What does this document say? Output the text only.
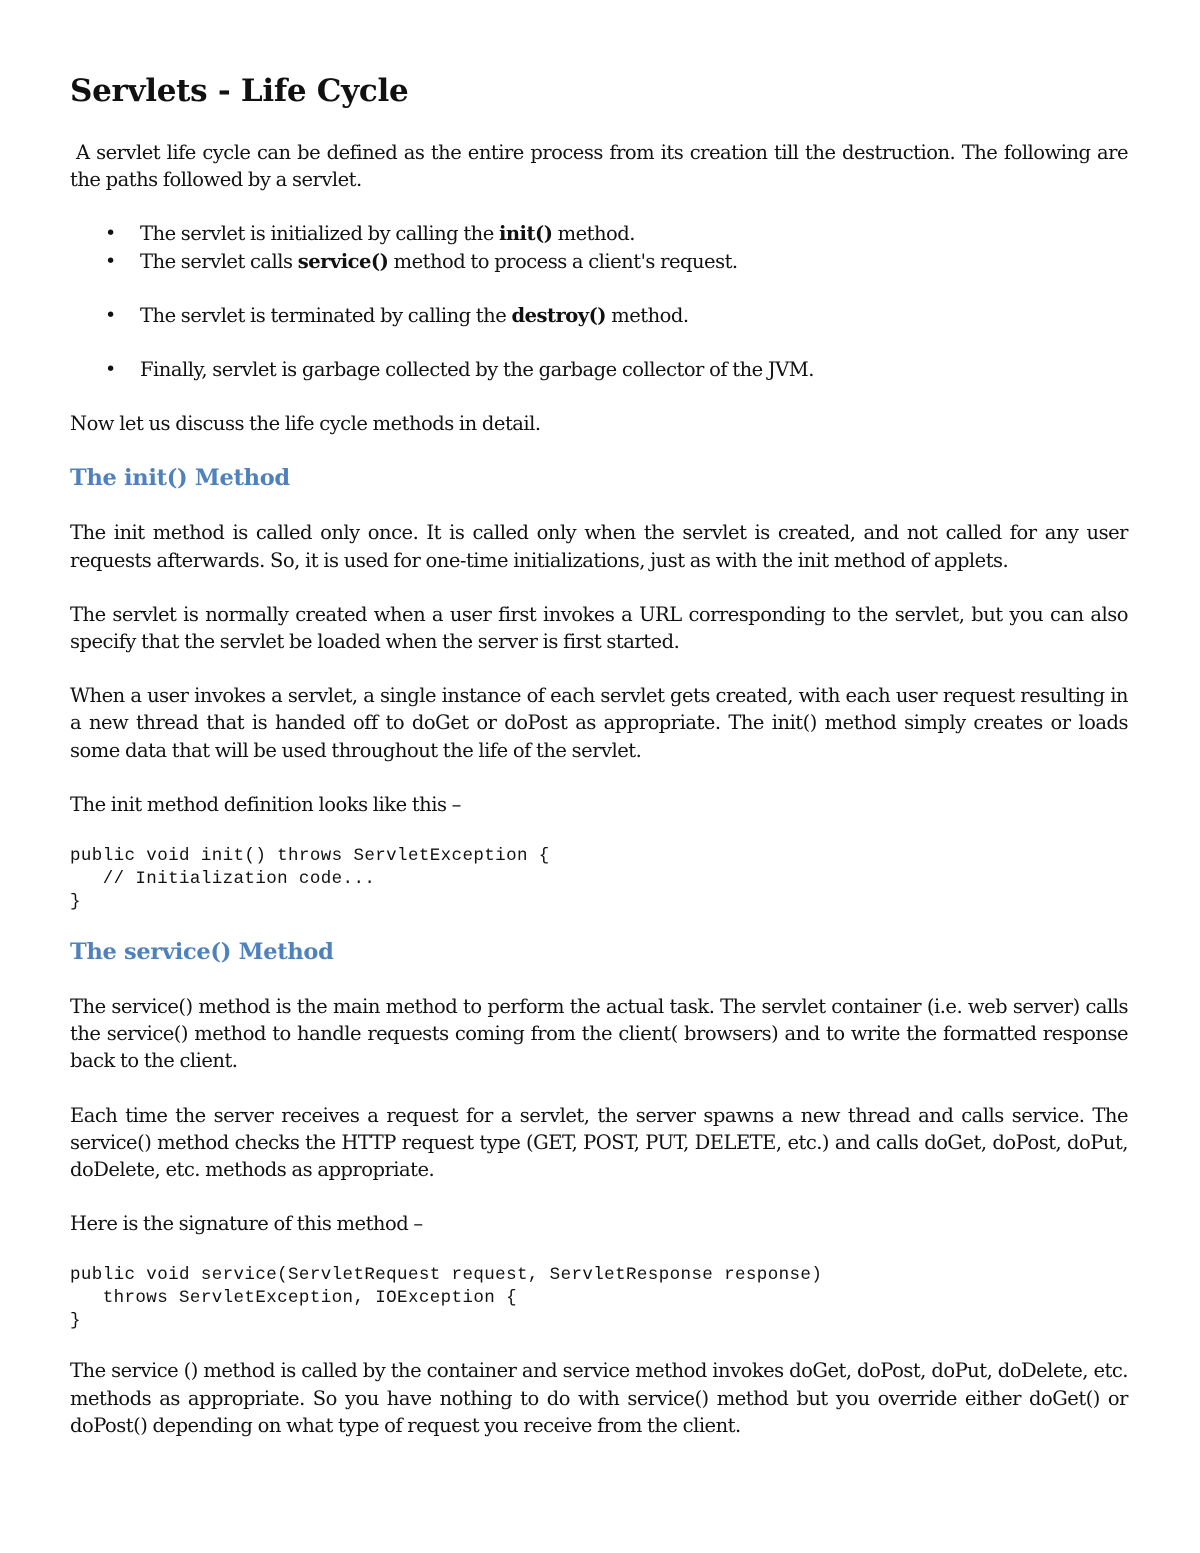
Servlets - Life Cycle

A servlet life cycle can be defined as the entire process from its creation till the destruction. The following are the paths followed by a servlet.

• The servlet is initialized by calling the init() method.
• The servlet calls service() method to process a client's request.
• The servlet is terminated by calling the destroy() method.
• Finally, servlet is garbage collected by the garbage collector of the JVM.

Now let us discuss the life cycle methods in detail.

The init() Method

The init method is called only once. It is called only when the servlet is created, and not called for any user requests afterwards. So, it is used for one-time initializations, just as with the init method of applets.

The servlet is normally created when a user first invokes a URL corresponding to the servlet, but you can also specify that the servlet be loaded when the server is first started.

When a user invokes a servlet, a single instance of each servlet gets created, with each user request resulting in a new thread that is handed off to doGet or doPost as appropriate. The init() method simply creates or loads some data that will be used throughout the life of the servlet.

The init method definition looks like this –

public void init() throws ServletException {
// Initialization code...
}
The service() Method

The service() method is the main method to perform the actual task. The servlet container (i.e. web server) calls the service() method to handle requests coming from the client( browsers) and to write the formatted response back to the client.

Each time the server receives a request for a servlet, the server spawns a new thread and calls service. The service() method checks the HTTP request type (GET, POST, PUT, DELETE, etc.) and calls doGet, doPost, doPut, doDelete, etc. methods as appropriate.

Here is the signature of this method –

public void service(ServletRequest request, ServletResponse response)
throws ServletException, IOException {
}

The service () method is called by the container and service method invokes doGet, doPost, doPut, doDelete, etc. methods as appropriate. So you have nothing to do with service() method but you override either doGet() or doPost() depending on what type of request you receive from the client.
